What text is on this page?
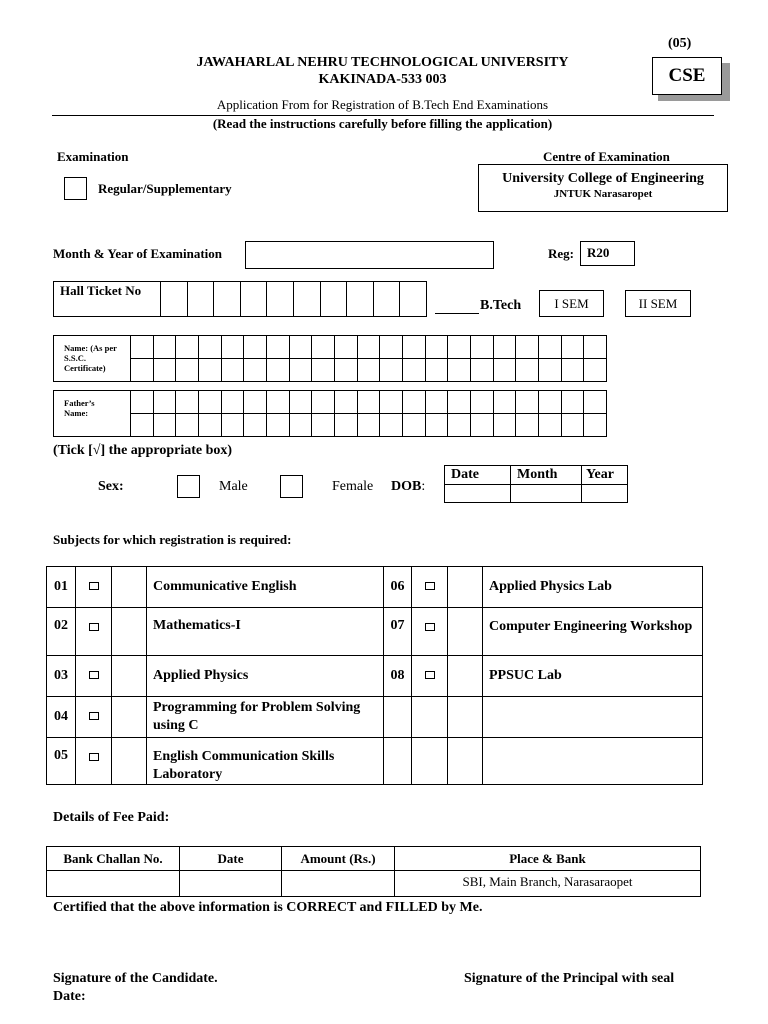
(05)
CSE
JAWAHARLAL NEHRU TECHNOLOGICAL UNIVERSITY
KAKINADA-533 003
Application From for Registration of B.Tech End Examinations
(Read the instructions carefully before filling the application)
Examination
Regular/Supplementary
Centre of Examination
University College of Engineering
JNTUK Narasaropet
Month & Year of Examination	Reg:	R20
Hall Ticket No
B.Tech	I SEM	II SEM
Name: (As per S.S.C. Certificate)
Father’s Name:
(Tick [√] the appropriate box)
Sex:	Male	Female DOB:
Date	Month	Year

Subjects for which registration is required:
01			Communicative English	06			Applied Physics Lab
02			Mathematics-I	07			Computer Engineering Workshop
03			Applied Physics	08			PPSUC Lab
04			Programming for Problem Solving using C				
05			English Communication Skills Laboratory				
Details of Fee Paid:
Bank Challan No.	Date	Amount (Rs.)	Place & Bank
			SBI, Main Branch, Narasaraopet
Certified that the above information is CORRECT and FILLED by Me.
Signature of the Candidate.
Date:
Signature of the Principal with seal
